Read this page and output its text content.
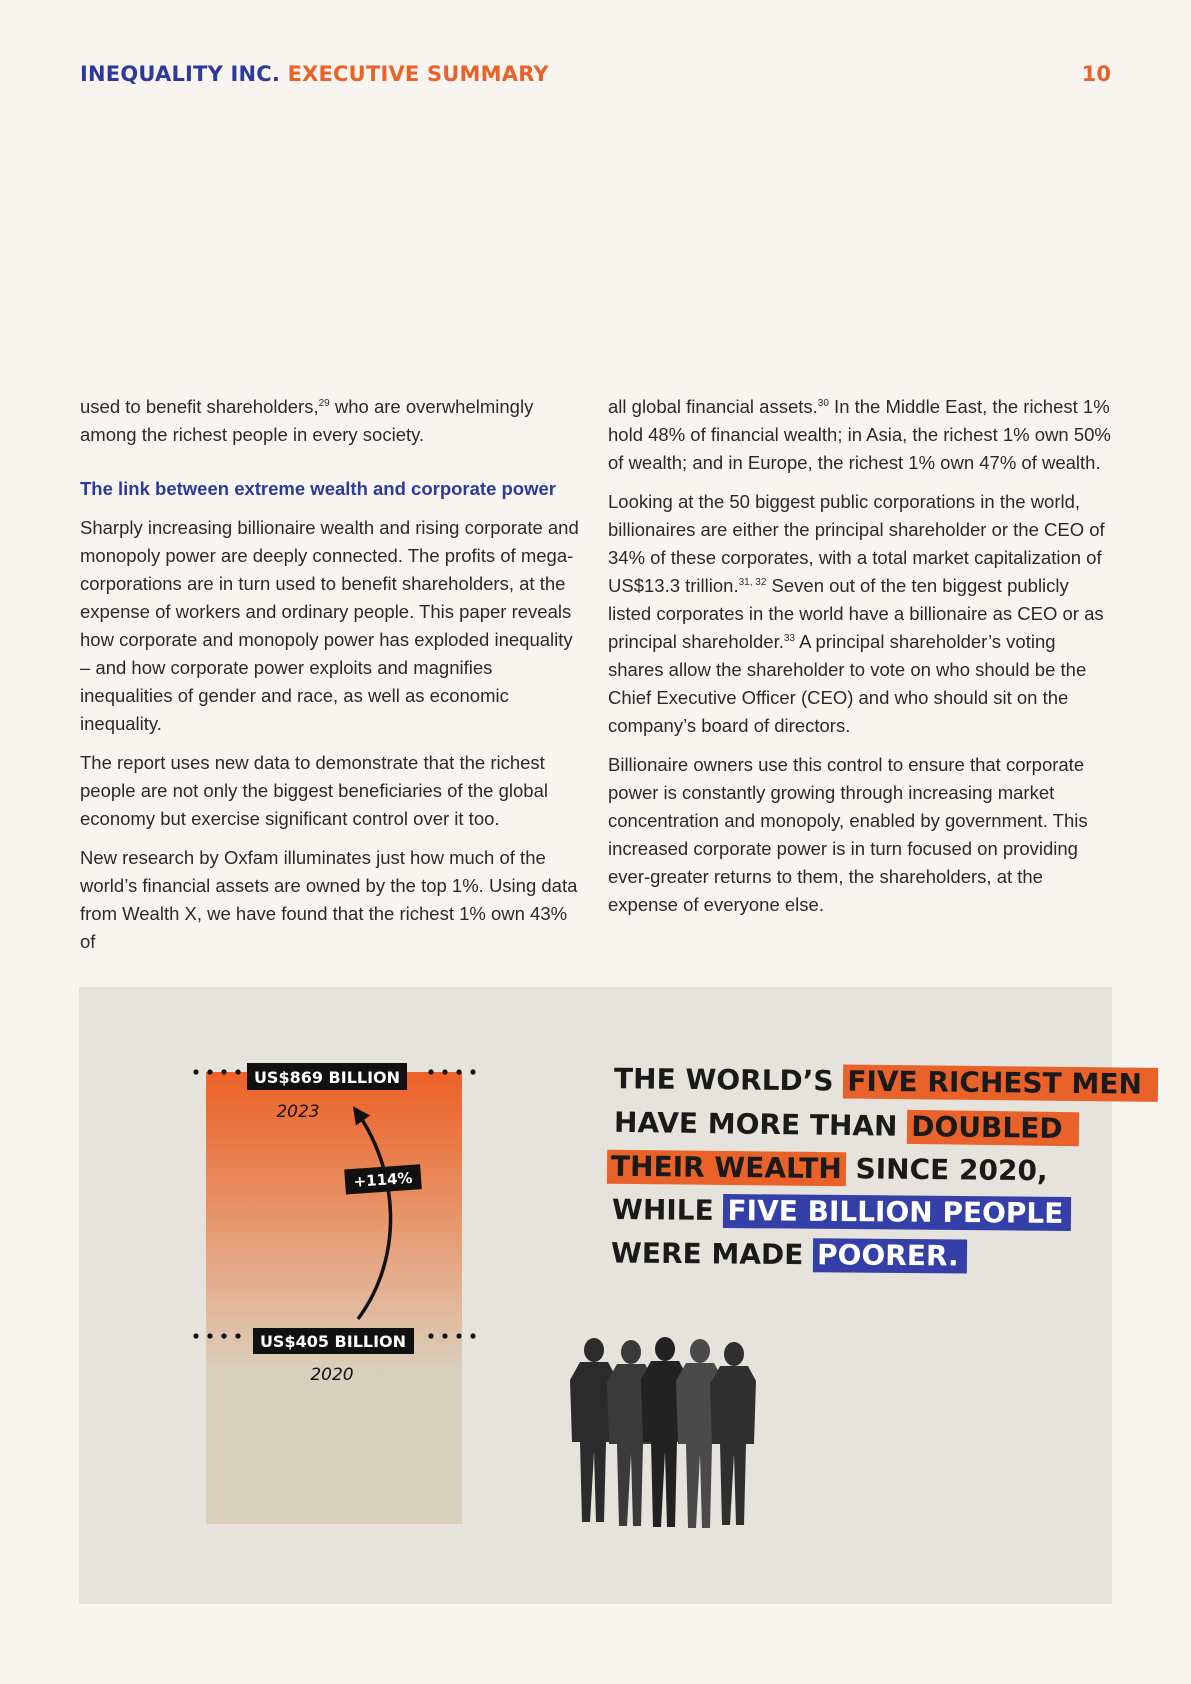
INEQUALITY INC. EXECUTIVE SUMMARY	10

used to benefit shareholders,$^{29}$ who are overwhelmingly among the richest people in every society.

The link between extreme wealth and corporate power

Sharply increasing billionaire wealth and rising corporate and monopoly power are deeply connected. The profits of mega-corporations are in turn used to benefit shareholders, at the expense of workers and ordinary people. This paper reveals how corporate and monopoly power has exploded inequality – and how corporate power exploits and magnifies inequalities of gender and race, as well as economic inequality.

The report uses new data to demonstrate that the richest people are not only the biggest beneficiaries of the global economy but exercise significant control over it too.

New research by Oxfam illuminates just how much of the world’s financial assets are owned by the top 1%. Using data from Wealth X, we have found that the richest 1% own 43% of

all global financial assets.$^{30}$ In the Middle East, the richest 1% hold 48% of financial wealth; in Asia, the richest 1% own 50% of wealth; and in Europe, the richest 1% own 47% of wealth.

Looking at the 50 biggest public corporations in the world, billionaires are either the principal shareholder or the CEO of 34% of these corporates, with a total market capitalization of US$13.3 trillion.$^{31, 32}$ Seven out of the ten biggest publicly listed corporates in the world have a billionaire as CEO or as principal shareholder.$^{33}$ A principal shareholder’s voting shares allow the shareholder to vote on who should be the Chief Executive Officer (CEO) and who should sit on the company’s board of directors.

Billionaire owners use this control to ensure that corporate power is constantly growing through increasing market concentration and monopoly, enabled by government. This increased corporate power is in turn focused on providing ever-greater returns to them, the shareholders, at the expense of everyone else.

US$869 BILLION
2023
US$405 BILLION
2020
+114%
THE WORLD’S FIVE RICHEST MEN
HAVE MORE THAN DOUBLED
THEIR WEALTH SINCE 2020,
WHILE FIVE BILLION PEOPLE
WERE MADE POORER.
